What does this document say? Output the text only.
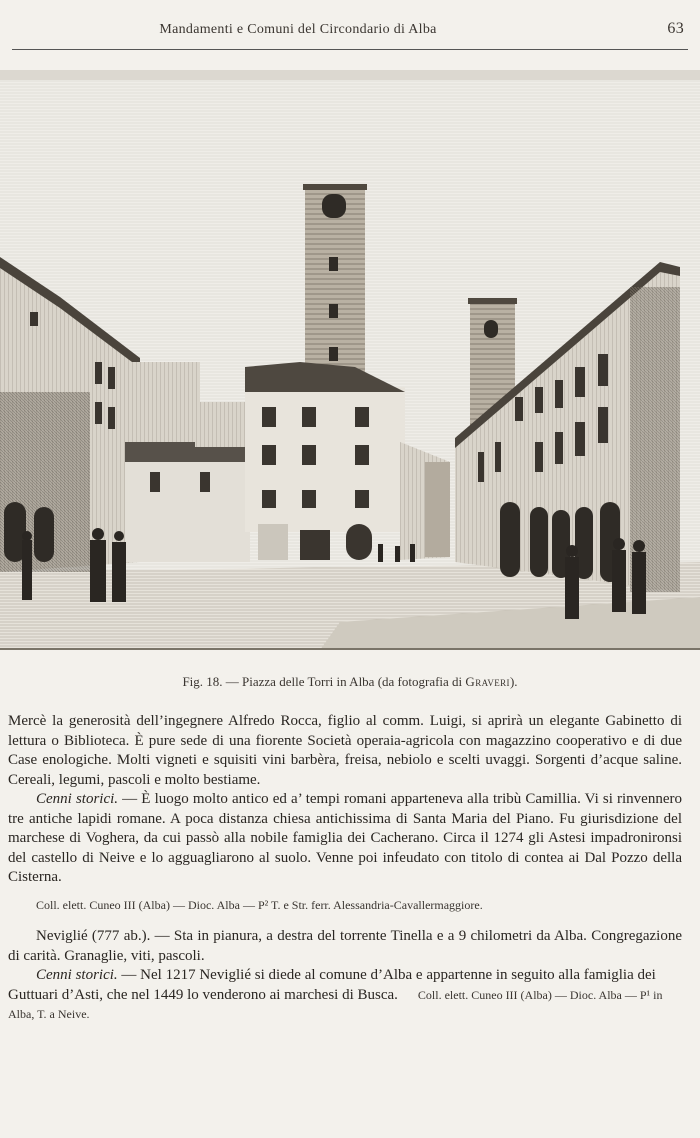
Mandamenti e Comuni del Circondario di Alba	63
Fig. 18. — Piazza delle Torri in Alba (da fotografia di Graveri).

Mercè la generosità dell’ingegnere Alfredo Rocca, figlio al comm. Luigi, si aprirà un elegante Gabinetto di lettura o Biblioteca. È pure sede di una fiorente Società operaia-agricola con magazzino cooperativo e di due Case enologiche. Molti vigneti e squisiti vini barbèra, freisa, nebiolo e scelti uvaggi. Sorgenti d’acque saline. Cereali, legumi, pascoli e molto bestiame.

Cenni storici. — È luogo molto antico ed a’ tempi romani apparteneva alla tribù Camillia. Vi si rinvennero tre antiche lapidi romane. A poca distanza chiesa antichissima di Santa Maria del Piano. Fu giurisdizione del marchese di Voghera, da cui passò alla nobile famiglia dei Cacherano. Circa il 1274 gli Astesi impadronironsi del castello di Neive e lo agguagliarono al suolo. Venne poi infeudato con titolo di contea ai Dal Pozzo della Cisterna.

Coll. elett. Cuneo III (Alba) — Dioc. Alba — P² T. e Str. ferr. Alessandria-Cavallermaggiore.

Neviglié (777 ab.). — Sta in pianura, a destra del torrente Tinella e a 9 chilometri da Alba. Congregazione di carità. Granaglie, viti, pascoli.

Cenni storici. — Nel 1217 Neviglié si diede al comune d’Alba e appartenne in seguito alla famiglia dei Guttuari d’Asti, che nel 1449 lo venderono ai marchesi di Busca. Coll. elett. Cuneo III (Alba) — Dioc. Alba — P¹ in Alba, T. a Neive.
